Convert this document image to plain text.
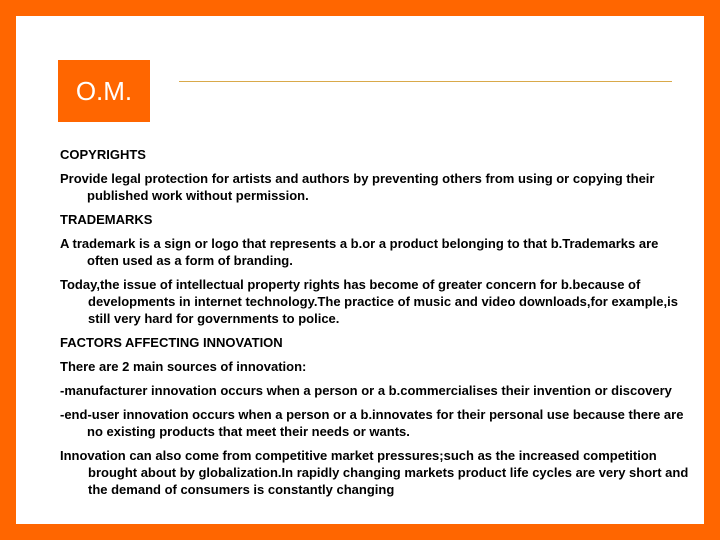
O.M.

COPYRIGHTS

Provide legal protection for artists and authors by preventing others from using or copying their published work without permission.

TRADEMARKS

A trademark is a sign or logo that represents a b.or a product belonging to that b.Trademarks are often used as a form of branding.

Today,the issue of intellectual property rights has become of greater concern for b.because of developments in internet technology.The practice of music and video downloads,for example,is still very hard for governments to police.

FACTORS AFFECTING INNOVATION

There are 2 main sources of innovation:

-manufacturer innovation occurs when a person or a b.commercialises their invention or discovery

-end-user innovation occurs when a person or a b.innovates for their personal use because there are no existing products that meet their needs or wants.

Innovation can also come from competitive market pressures;such as the increased competition brought about by globalization.In rapidly changing markets product life cycles are very short and the demand of consumers is constantly changing
